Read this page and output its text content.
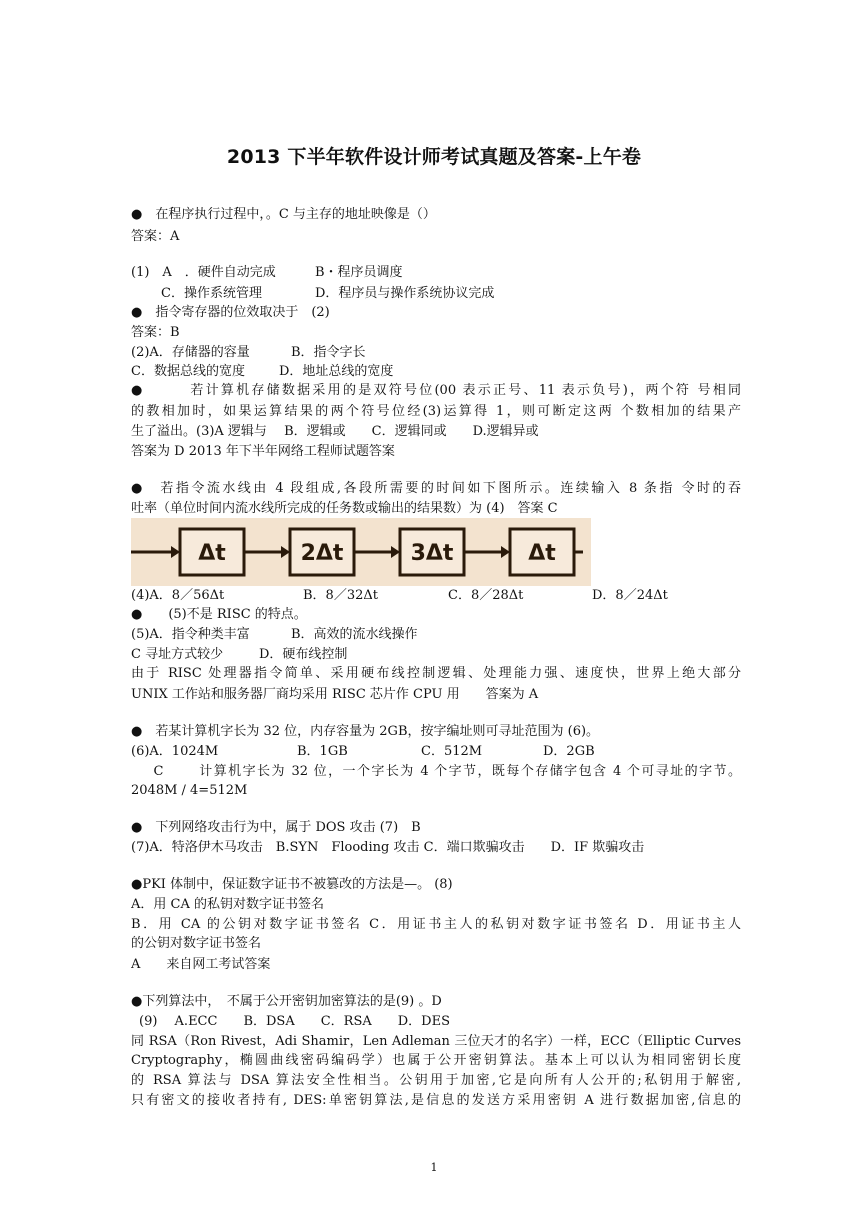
2013 下半年软件设计师考试真题及答案-上午卷
●　在程序执行过程中，。C 与主存的地址映像是（）
答案：A
(1)　A　．硬件自动完成	B・程序员调度
C．操作系统管理	D．程序员与操作系统协议完成
●　指令寄存器的位效取决于　(2)
答案：B
(2)A．存储器的容量	B．指令字长
C．数据总线的宽度	D．地址总线的宽度
●　　　若计算机存储数据采用的是双符号位(00 表示正号、11 表示负号)，两个符 号相同
的教相加时，如果运算结果的两个符号位经(3)运算得 1，则可断定这两 个数相加的结果产
生了溢出。(3)A 逻辑与　 B．逻辑或　　C．逻辑同或　　D.逻辑异或
答案为 D 2013 年下半年网络工程师试题答案
●　若指令流水线由 4 段组成,各段所需要的时间如下图所示。连续输入 8 条指 令时的吞
吐率（单位时间内流水线所完成的任务数或输出的结果数）为 (4)　答案 C
Δt	2Δt	3Δt	Δt
(4)A．8／56Δt	B．8／32Δt	C．8／28Δt	D．8／24Δt
●　　(5)不是 RISC 的特点。
(5)A．指令种类丰富	B．高效的流水线操作
C 寻址方式较少	D．硬布线控制
由于 RISC 处理器指令简单、采用硬布线控制逻辑、处理能力强、速度快，世界上绝大部分
UNIX 工作站和服务器厂商均采用 RISC 芯片作 CPU 用　　答案为 A
●　若某计算机字长为 32 位，内存容量为 2GB，按字编址则可寻址范围为 (6)。
(6)A．1024M	B．1GB	C．512M	D．2GB
　C　　 计算机字长为 32 位，一个字长为 4 个字节，既每个存储字包含 4 个可寻址的字节。
2048M / 4=512M
●　下列网络攻击行为中，属于 DOS 攻击 (7)　B
(7)A．特洛伊木马攻击　B.SYN　Flooding 攻击 C．端口欺骗攻击　　D．IF 欺骗攻击
●PKI 体制中，保证数字证书不被篡改的方法是—。 (8)
A．用 CA 的私钥对数字证书签名
B．用 CA 的公钥对数字证书签名 C．用证书主人的私钥对数字证书签名 D．用证书主人
的公钥对数字证书签名
A　　来自网工考试答案
●下列算法中，　不属于公开密钥加密算法的是(9) 。D
(9)　 A.ECC　　B．DSA　　C．RSA　　D．DES
同 RSA（Ron Rivest，Adi Shamir，Len Adleman 三位天才的名字）一样，ECC（Elliptic Curves
Cryptography，椭圆曲线密码编码学）也属于公开密钥算法。基本上可以认为相同密钥长度
的 RSA 算法与 DSA 算法安全性相当。公钥用于加密,它是向所有人公开的;私钥用于解密,
只有密文的接收者持有, DES:单密钥算法,是信息的发送方采用密钥 A 进行数据加密,信息的
1
